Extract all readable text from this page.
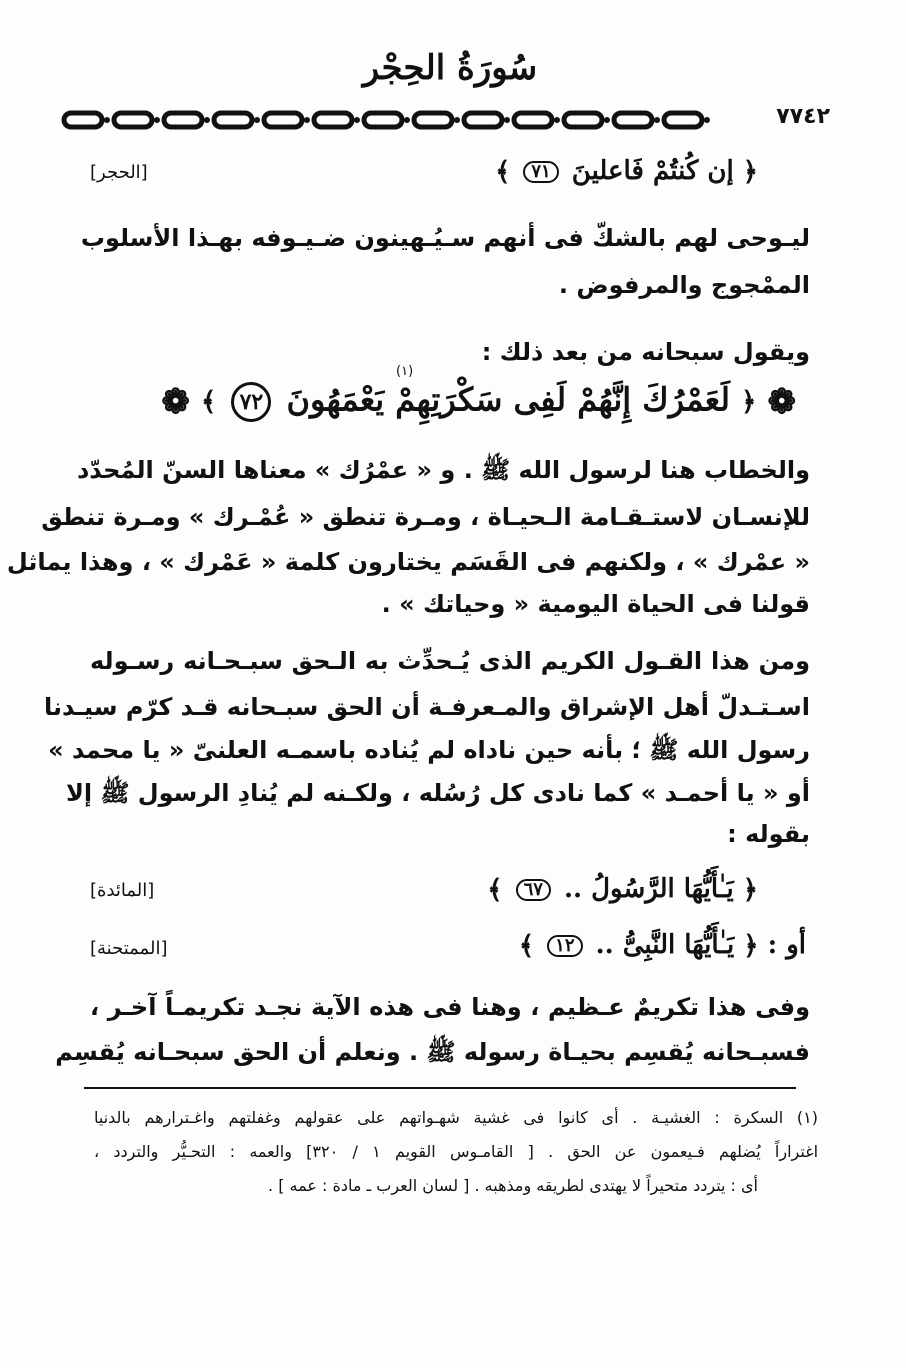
سُورَةُ الحِجْر
٧٧٤٢
﴿ إن كُنتُمْ فَاعلينَ ٧١ ﴾
[الحجر]
ليـوحى لهم بالشكّ فى أنهم سـيُـهينون ضـيـوفه بهـذا الأسلوب
الممْجوج والمرفوض .
ويقول سبحانه من بعد ذلك :
❁ ﴿ لَعَمْرُكَ إِنَّهُمْ لَفِى سَكْرَتِهِمْ يَعْمَهُونَ ٧٢ ﴾ ❁
(١)
والخطاب هنا لرسول الله ﷺ . و « عمْرُك » معناها السنّ المُحدّد
للإنسـان لاستـقـامة الـحيـاة ، ومـرة تنطق « عُمْـرك » ومـرة تنطق
« عمْرك » ، ولكنهم فى القَسَم يختارون كلمة « عَمْرك » ، وهذا يماثل
قولنا فى الحياة اليومية « وحياتك » .
ومن هذا القـول الكريم الذى يُـحدِّث به الـحق سبـحـانه رسـوله
اسـتـدلّ أهل الإشراق والمـعرفـة أن الحق سبـحانه قـد كرّم سيـدنا
رسول الله ﷺ ؛ بأنه حين ناداه لم يُناده باسمـه العلنىّ « يا محمد »
أو « يا أحمـد » كما نادى كل رُسُله ، ولكـنه لم يُنادِ الرسول ﷺ إلا
بقوله :
﴿ يَـٰأَيُّهَا الرَّسُولُ .. ٦٧ ﴾
[المائدة]
أو : ﴿ يَـٰأَيُّهَا النَّبِىُّ .. ١٢ ﴾
[الممتحنة]
وفى هذا تكريمٌ عـظيم ، وهنا فى هذه الآية نجـد تكريمـاً آخـر ،
فسبـحانه يُقسِم بحيـاة رسوله ﷺ . ونعلم أن الحق سبحـانه يُقسِم
(١) السكرة : الغشيـة . أى كانوا فى غشية شهـواتهم على عقولهم وغفلتهم واغـترارهم بالدنيا
اغتراراً يُضلهم فـيعمون عن الحق . [ القامـوس القويم ١ / ٣٢٠] والعمه : التحـيُّر والتردد ،
أى : يتردد متحيراً لا يهتدى لطريقه ومذهبه . [ لسان العرب ـ مادة : عمه ] .
